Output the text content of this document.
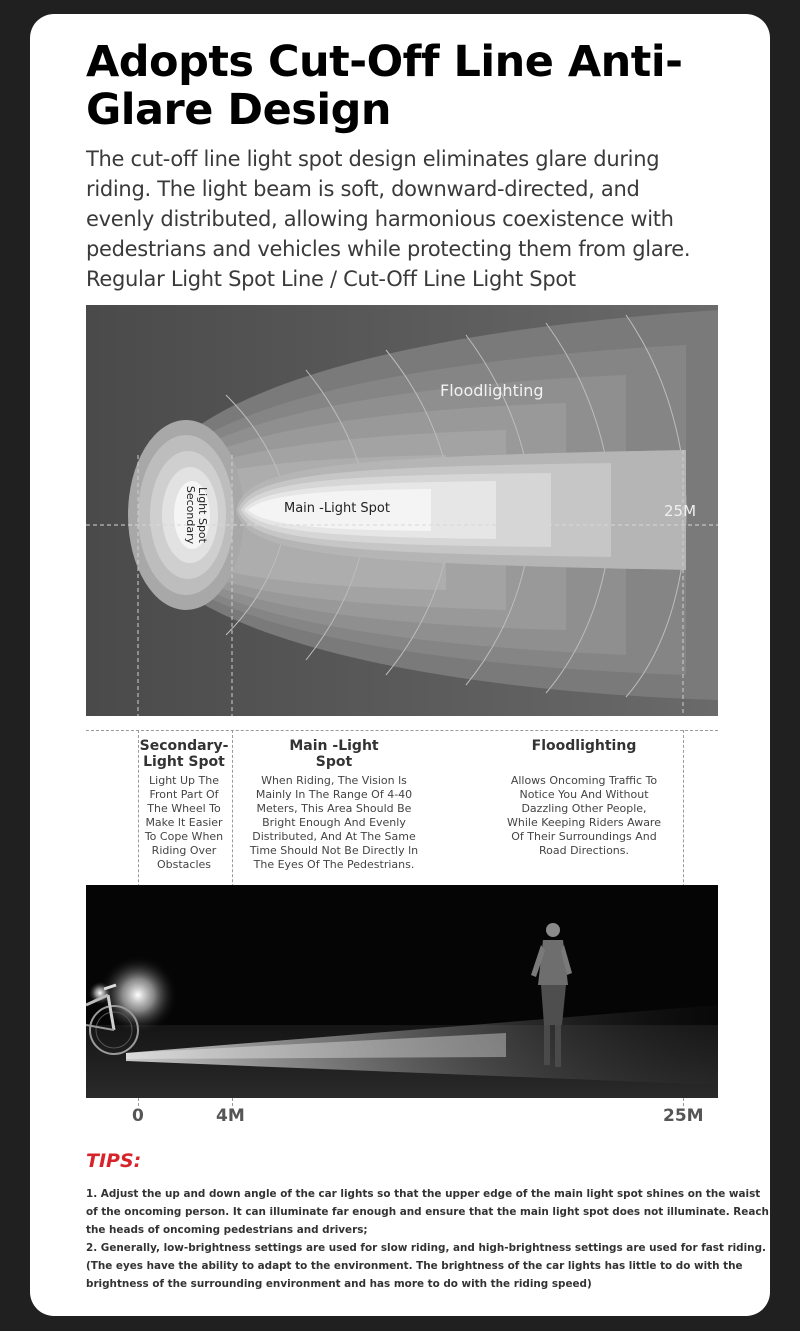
Adopts Cut-Off Line Anti-Glare Design
The cut-off line light spot design eliminates glare during
riding. The light beam is soft, downward-directed, and
evenly distributed, allowing harmonious coexistence with
pedestrians and vehicles while protecting them from glare.
Regular Light Spot Line / Cut-Off Line Light Spot
Floodlighting
Main -Light Spot
Light Spot
Secondary	25M
Secondary-
Light Spot
Light Up The
Front Part Of
The Wheel To
Make lt Easier
To Cope When
Riding Over
Obstacles
Main -Light
Spot
When Riding, The Vision ls
Mainly In The Range Of 4-40
Meters, This Area Should Be
Bright Enough And Evenly
Distributed, And At The Same
Time Should Not Be Directly ln
The Eyes Of The Pedestrians.
Floodlighting
Allows Oncoming Traffic To
Notice You And Without
Dazzling Other People,
While Keeping Riders Aware
Of Their Surroundings And
Road Directions.
0	4M	25M
TIPS:

1. Adjust the up and down angle of the car lights so that the upper edge of the main light spot shines on the waist of the oncoming person. It can illuminate far enough and ensure that the main light spot does not illuminate. Reach the heads of oncoming pedestrians and drivers;

2. Generally, low-brightness settings are used for slow riding, and high-brightness settings are used for fast riding.(The eyes have the ability to adapt to the environment. The brightness of the car lights has little to do with the brightness of the surrounding environment and has more to do with the riding speed)
